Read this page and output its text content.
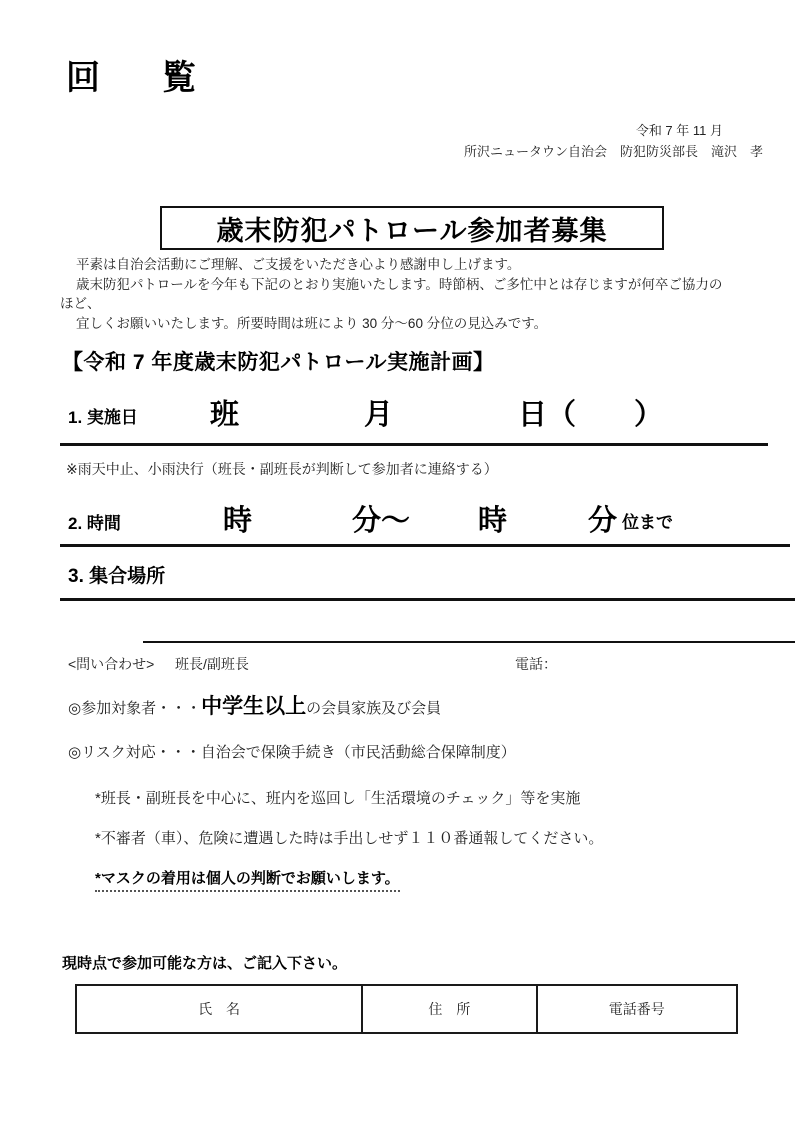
回　覧
令和 7 年 11 月
所沢ニュータウン自治会　防犯防災部長　滝沢　孝
歳末防犯パトロール参加者募集

平素は自治会活動にご理解、ご支援をいただき心より感謝申し上げます。

歳末防犯パトロールを今年も下記のとおり実施いたします。時節柄、ご多忙中とは存じますが何卒ご協力の

ほど、

宜しくお願いいたします。所要時間は班により 30 分～60 分位の見込みです。

【令和 7 年度歳末防犯パトロール実施計画】
1. 実施日 班	月	日（　　）
※雨天中止、小雨決行（班長・副班長が判断して参加者に連絡する）
2. 時間	時	分～ 時	分 位まで
3. 集合場所
<問い合わせ> 班長/副班長	電話：
◎参加対象者・・・ 中学生以上 の会員家族及び会員
◎リスク対応・・・自治会で保険手続き（市民活動総合保障制度）
*班長・副班長を中心に、班内を巡回し「生活環境のチェック」等を実施
*不審者（車）、危険に遭遇した時は手出しせず１１０番通報してください。
*マスクの着用は個人の判断でお願いします。
現時点で参加可能な方は、ご記入下さい。
氏　名	住　所	電話番号
